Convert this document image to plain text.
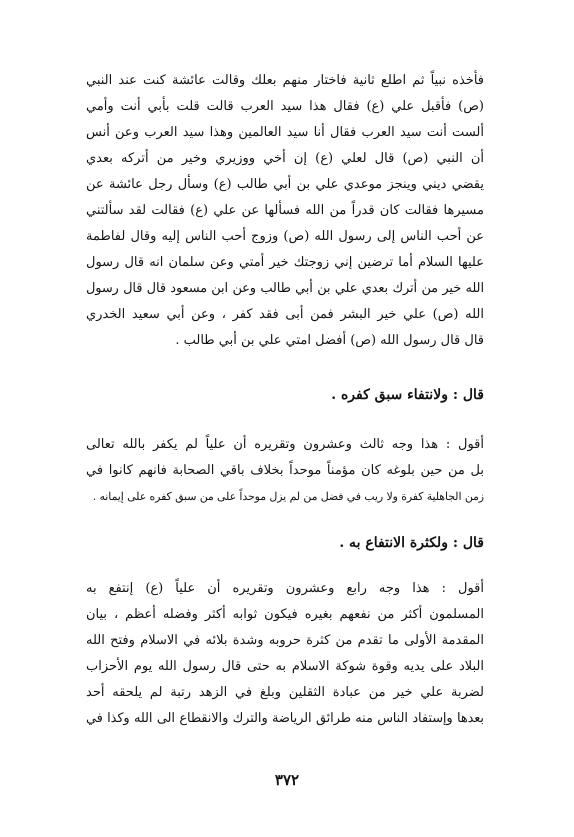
فأخذه نبياً ثم اطلع ثانية فاختار منهم بعلك وقالت عائشة كنت عند النبي
(ص) فأقبل علي (ع) فقال هذا سيد العرب قالت قلت بأبي أنت وأمي
ألست أنت سيد العرب فقال أنا سيد العالمين وهذا سيد العرب وعن أنس
أن النبي (ص) قال لعلي (ع) إن أخي ووزيري وخير من أتركه بعدي
يقضي ديني وينجز موعدي علي بن أبي طالب (ع) وسأل رجل عائشة عن
مسيرها فقالت كان قدراً من الله فسألها عن علي (ع) فقالت لقد سألتني
عن أحب الناس إلى رسول الله (ص) وزوج أحب الناس إليه وقال لفاطمة
عليها السلام أما ترضين إني زوجتك خير أمتي وعن سلمان انه قال رسول
الله خير من أترك بعدي علي بن أبي طالب وعن ابن مسعود قال قال رسول
الله (ص) علي خير البشر فمن أبى فقد كفر ، وعن أبي سعيد الخدري
قال قال رسول الله (ص) أفضل امتي علي بن أبي طالب .
قال : ولانتفاء سبق كفره .
أقول : هذا وجه ثالث وعشرون وتقريره أن علياً لم يكفر بالله تعالى
بل من حين بلوغه كان مؤمناً موحداً بخلاف باقي الصحابة فانهم كانوا في
زمن الجاهلية كفرة ولا ريب في فضل من لم يزل موحداً على من سبق كفره على إيمانه .
قال : ولكثرة الانتفاع به .
أقول : هذا وجه رابع وعشرون وتقريره أن علياً (ع) إنتفع به
المسلمون أكثر من نفعهم بغيره فيكون ثوابه أكثر وفضله أعظم ، بيان
المقدمة الأولى ما تقدم من كثرة حروبه وشدة بلائه في الاسلام وفتح الله
البلاد على يديه وقوة شوكة الاسلام به حتى قال رسول الله يوم الأحزاب
لضربة علي خير من عبادة الثقلين وبلغ في الزهد رتبة لم يلحقه أحد
بعدها وإستفاد الناس منه طرائق الرياضة والترك والانقطاع الى الله وكذا في
٣٧٢
